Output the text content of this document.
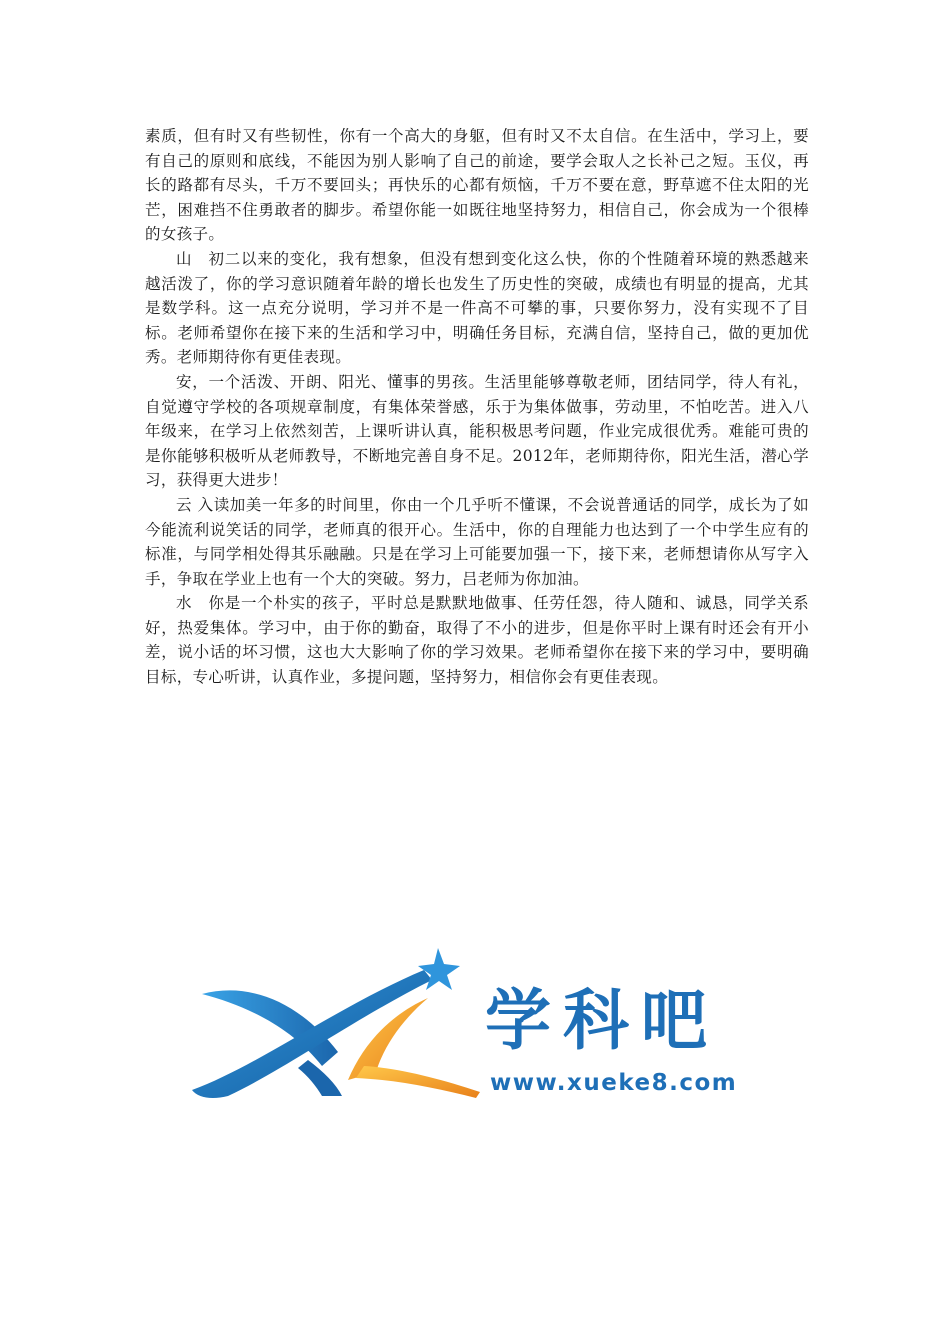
素质，但有时又有些韧性，你有一个高大的身躯，但有时又不太自信。在生活中，学习上，要有自己的原则和底线，不能因为别人影响了自己的前途，要学会取人之长补己之短。玉仪，再长的路都有尽头，千万不要回头；再快乐的心都有烦恼，千万不要在意，野草遮不住太阳的光芒，困难挡不住勇敢者的脚步。希望你能一如既往地坚持努力，相信自己，你会成为一个很棒的女孩子。

山　初二以来的变化，我有想象，但没有想到变化这么快，你的个性随着环境的熟悉越来越活泼了，你的学习意识随着年龄的增长也发生了历史性的突破，成绩也有明显的提高，尤其是数学科。这一点充分说明，学习并不是一件高不可攀的事，只要你努力，没有实现不了目标。老师希望你在接下来的生活和学习中，明确任务目标，充满自信，坚持自己，做的更加优秀。老师期待你有更佳表现。

安，一个活泼、开朗、阳光、懂事的男孩。生活里能够尊敬老师，团结同学，待人有礼，自觉遵守学校的各项规章制度，有集体荣誉感，乐于为集体做事，劳动里，不怕吃苦。进入八年级来，在学习上依然刻苦，上课听讲认真，能积极思考问题，作业完成很优秀。难能可贵的是你能够积极听从老师教导，不断地完善自身不足。2012年，老师期待你，阳光生活，潜心学习，获得更大进步！

云 入读加美一年多的时间里，你由一个几乎听不懂课，不会说普通话的同学，成长为了如今能流利说笑话的同学，老师真的很开心。生活中，你的自理能力也达到了一个中学生应有的标准，与同学相处得其乐融融。只是在学习上可能要加强一下，接下来，老师想请你从写字入手，争取在学业上也有一个大的突破。努力，吕老师为你加油。

水　你是一个朴实的孩子，平时总是默默地做事、任劳任怨，待人随和、诚恳，同学关系好，热爱集体。学习中，由于你的勤奋，取得了不小的进步，但是你平时上课有时还会有开小差，说小话的坏习惯，这也大大影响了你的学习效果。老师希望你在接下来的学习中，要明确目标，专心听讲，认真作业，多提问题，坚持努力，相信你会有更佳表现。

学科吧
www.xueke8.com
